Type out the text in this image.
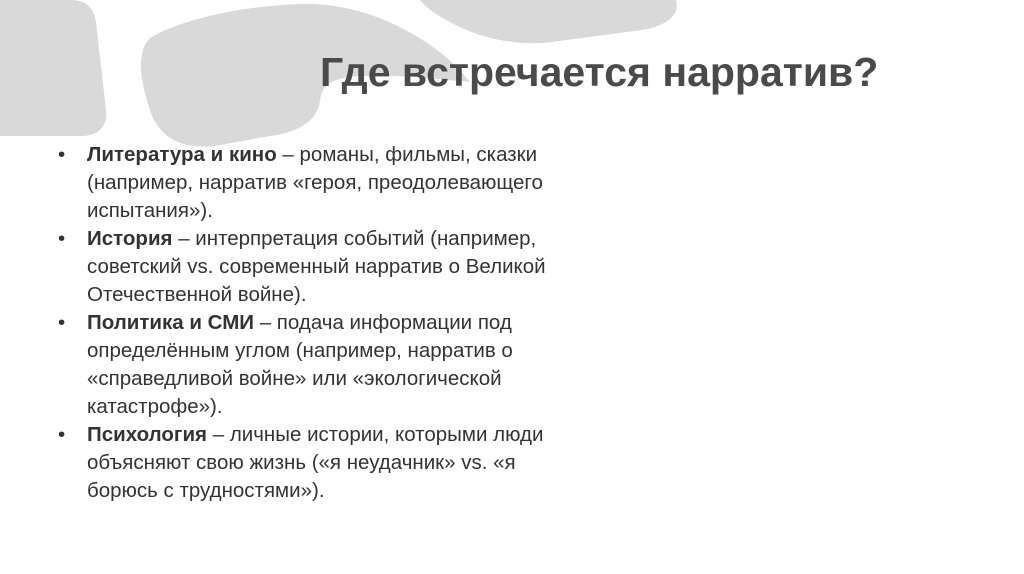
Где встречается нарратив?
• Литература и кино – романы, фильмы, сказки (например, нарратив «героя, преодолевающего испытания»).
• История – интерпретация событий (например, советский vs. современный нарратив о Великой Отечественной войне).
• Политика и СМИ – подача информации под определённым углом (например, нарратив о «справедливой войне» или «экологической катастрофе»).
• Психология – личные истории, которыми люди объясняют свою жизнь («я неудачник» vs. «я борюсь с трудностями»).
